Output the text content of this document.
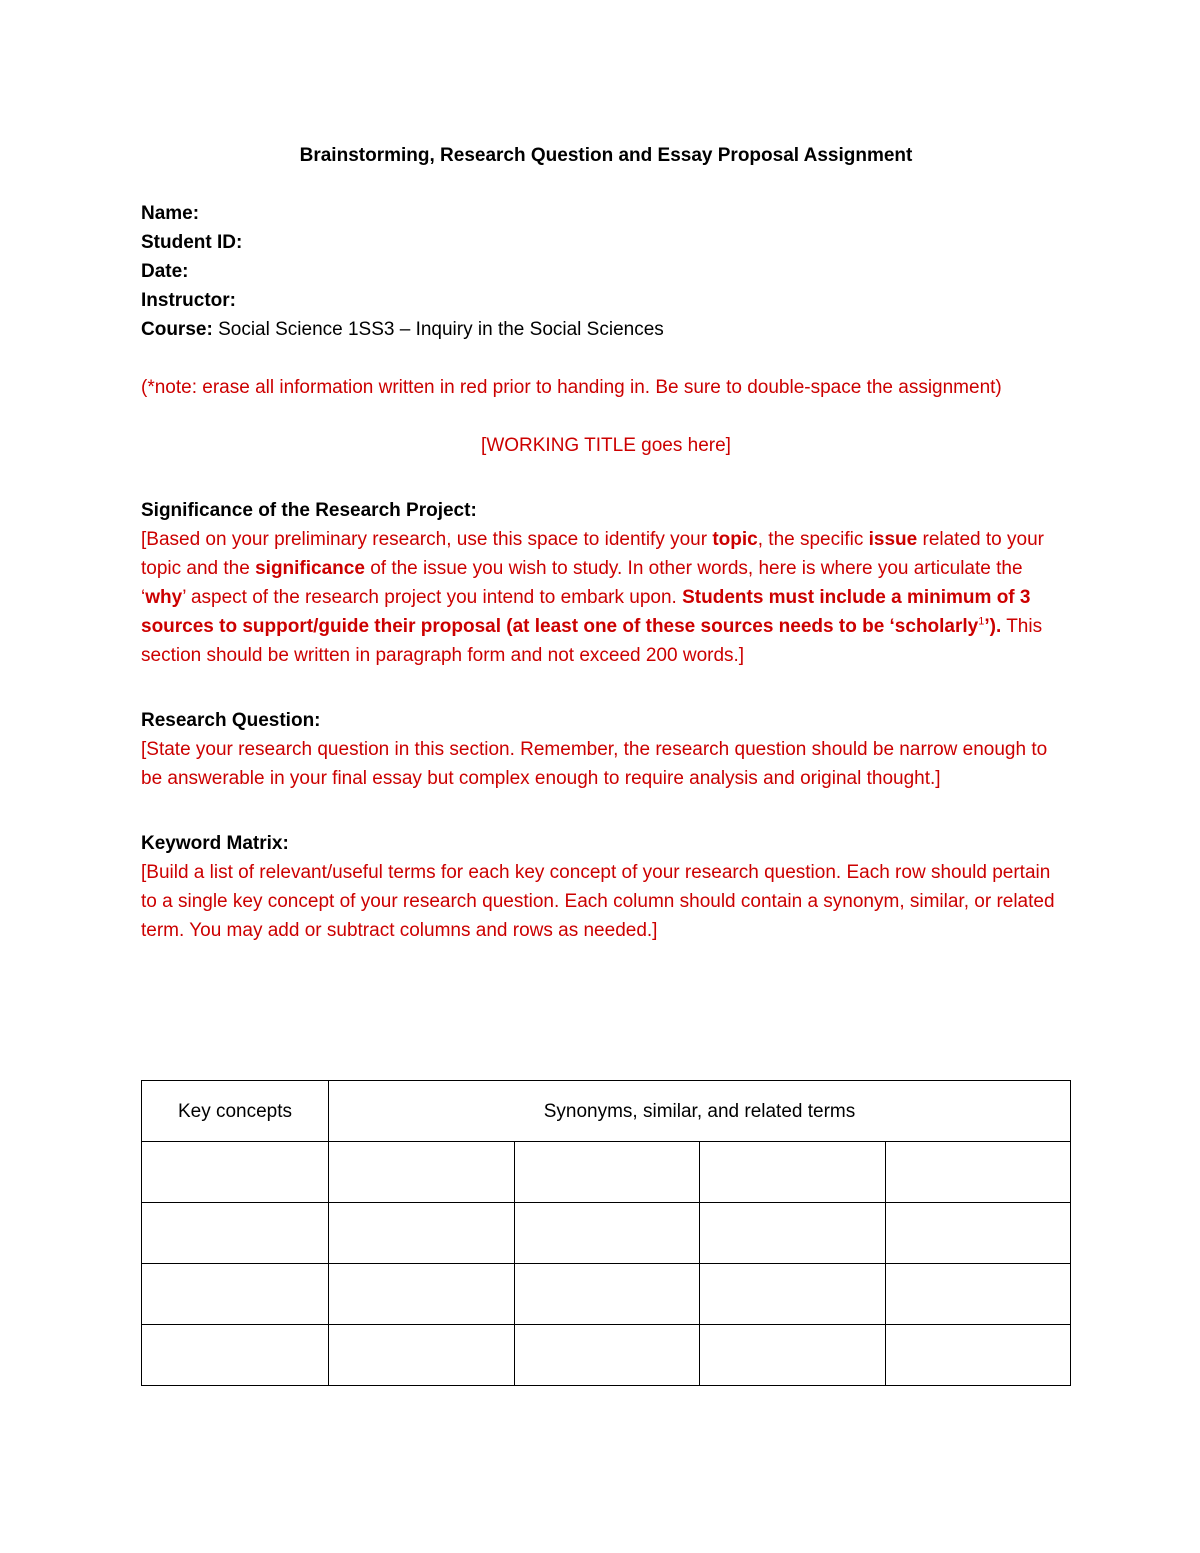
Brainstorming, Research Question and Essay Proposal Assignment

Name:
Student ID:
Date:
Instructor:
Course: Social Science 1SS3 – Inquiry in the Social Sciences
(*note: erase all information written in red prior to handing in. Be sure to double-space the assignment)
[WORKING TITLE goes here]
Significance of the Research Project:
[Based on your preliminary research, use this space to identify your topic, the specific issue related to your topic and the significance of the issue you wish to study. In other words, here is where you articulate the ‘why’ aspect of the research project you intend to embark upon. Students must include a minimum of 3 sources to support/guide their proposal (at least one of these sources needs to be ‘scholarly$^1$’). This section should be written in paragraph form and not exceed 200 words.]
Research Question:
[State your research question in this section. Remember, the research question should be narrow enough to be answerable in your final essay but complex enough to require analysis and original thought.]
Keyword Matrix:
[Build a list of relevant/useful terms for each key concept of your research question. Each row should pertain to a single key concept of your research question. Each column should contain a synonym, similar, or related term. You may add or subtract columns and rows as needed.]
Key concepts	Synonyms, similar, and related terms			
